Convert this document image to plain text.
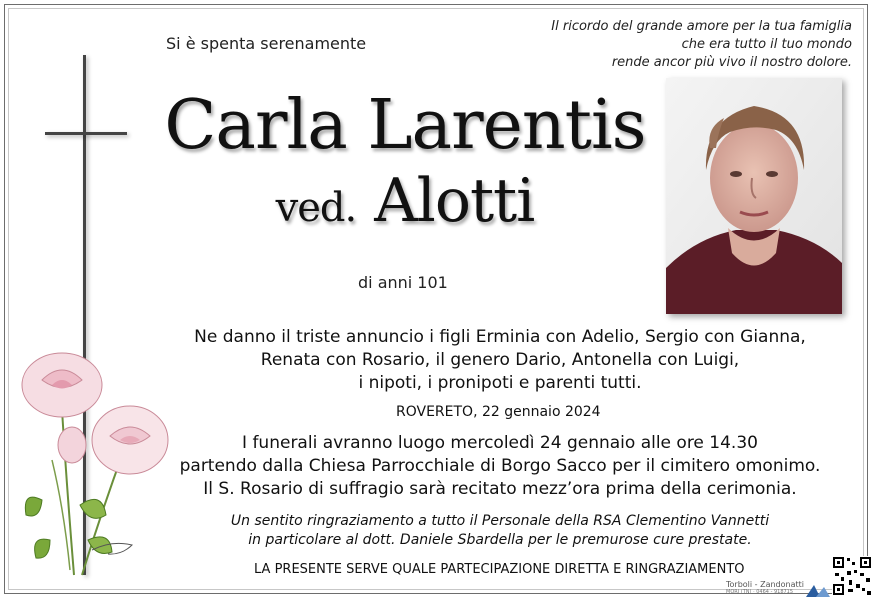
Si è spenta serenamente
Il ricordo del grande amore per la tua famiglia
che era tutto il tuo mondo
rende ancor più vivo il nostro dolore.
Carla Larentis
ved. Alotti
di anni 101
Ne danno il triste annuncio i figli Erminia con Adelio, Sergio con Gianna,
Renata con Rosario, il genero Dario, Antonella con Luigi,
i nipoti, i pronipoti e parenti tutti.
ROVERETO, 22 gennaio 2024
I funerali avranno luogo mercoledì 24 gennaio alle ore 14.30
partendo dalla Chiesa Parrocchiale di Borgo Sacco per il cimitero omonimo.
Il S. Rosario di suffragio sarà recitato mezz’ora prima della cerimonia.
Un sentito ringraziamento a tutto il Personale della RSA Clementino Vannetti
in particolare al dott. Daniele Sbardella per le premurose cure prestate.
LA PRESENTE SERVE QUALE PARTECIPAZIONE DIRETTA E RINGRAZIAMENTO
Torboli - Zandonatti
MORI (TN) · 0464 - 918715
